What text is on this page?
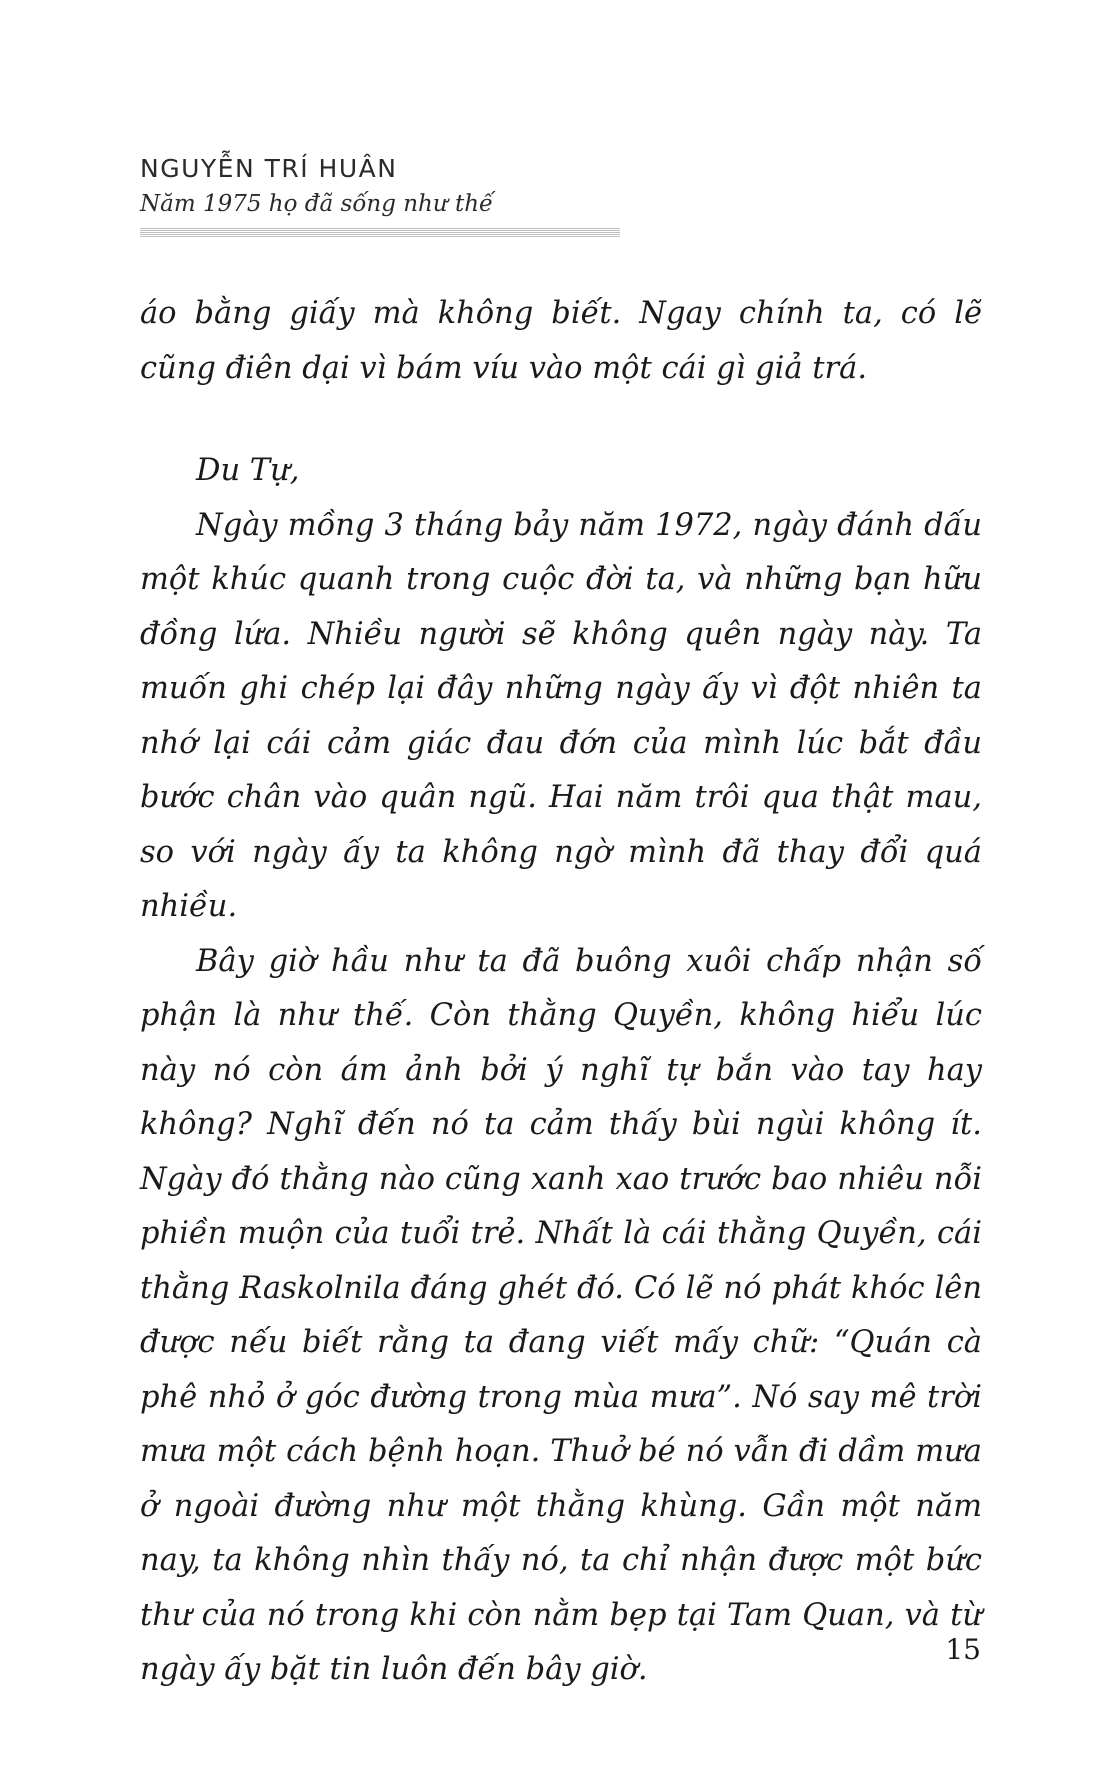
NGUYỄN TRÍ HUÂN
Năm 1975 họ đã sống như thế

áo bằng giấy mà không biết. Ngay chính ta, có lẽ cũng điên dại vì bám víu vào một cái gì giả trá.

Du Tự,

Ngày mồng 3 tháng bảy năm 1972, ngày đánh dấu một khúc quanh trong cuộc đời ta, và những bạn hữu đồng lứa. Nhiều người sẽ không quên ngày này. Ta muốn ghi chép lại đây những ngày ấy vì đột nhiên ta nhớ lại cái cảm giác đau đớn của mình lúc bắt đầu bước chân vào quân ngũ. Hai năm trôi qua thật mau, so với ngày ấy ta không ngờ mình đã thay đổi quá nhiều.

Bây giờ hầu như ta đã buông xuôi chấp nhận số phận là như thế. Còn thằng Quyền, không hiểu lúc này nó còn ám ảnh bởi ý nghĩ tự bắn vào tay hay không? Nghĩ đến nó ta cảm thấy bùi ngùi không ít. Ngày đó thằng nào cũng xanh xao trước bao nhiêu nỗi phiền muộn của tuổi trẻ. Nhất là cái thằng Quyền, cái thằng Raskolnila đáng ghét đó. Có lẽ nó phát khóc lên được nếu biết rằng ta đang viết mấy chữ: “Quán cà phê nhỏ ở góc đường trong mùa mưa”. Nó say mê trời mưa một cách bệnh hoạn. Thuở bé nó vẫn đi dầm mưa ở ngoài đường như một thằng khùng. Gần một năm nay, ta không nhìn thấy nó, ta chỉ nhận được một bức thư của nó trong khi còn nằm bẹp tại Tam Quan, và từ ngày ấy bặt tin luôn đến bây giờ.

15
